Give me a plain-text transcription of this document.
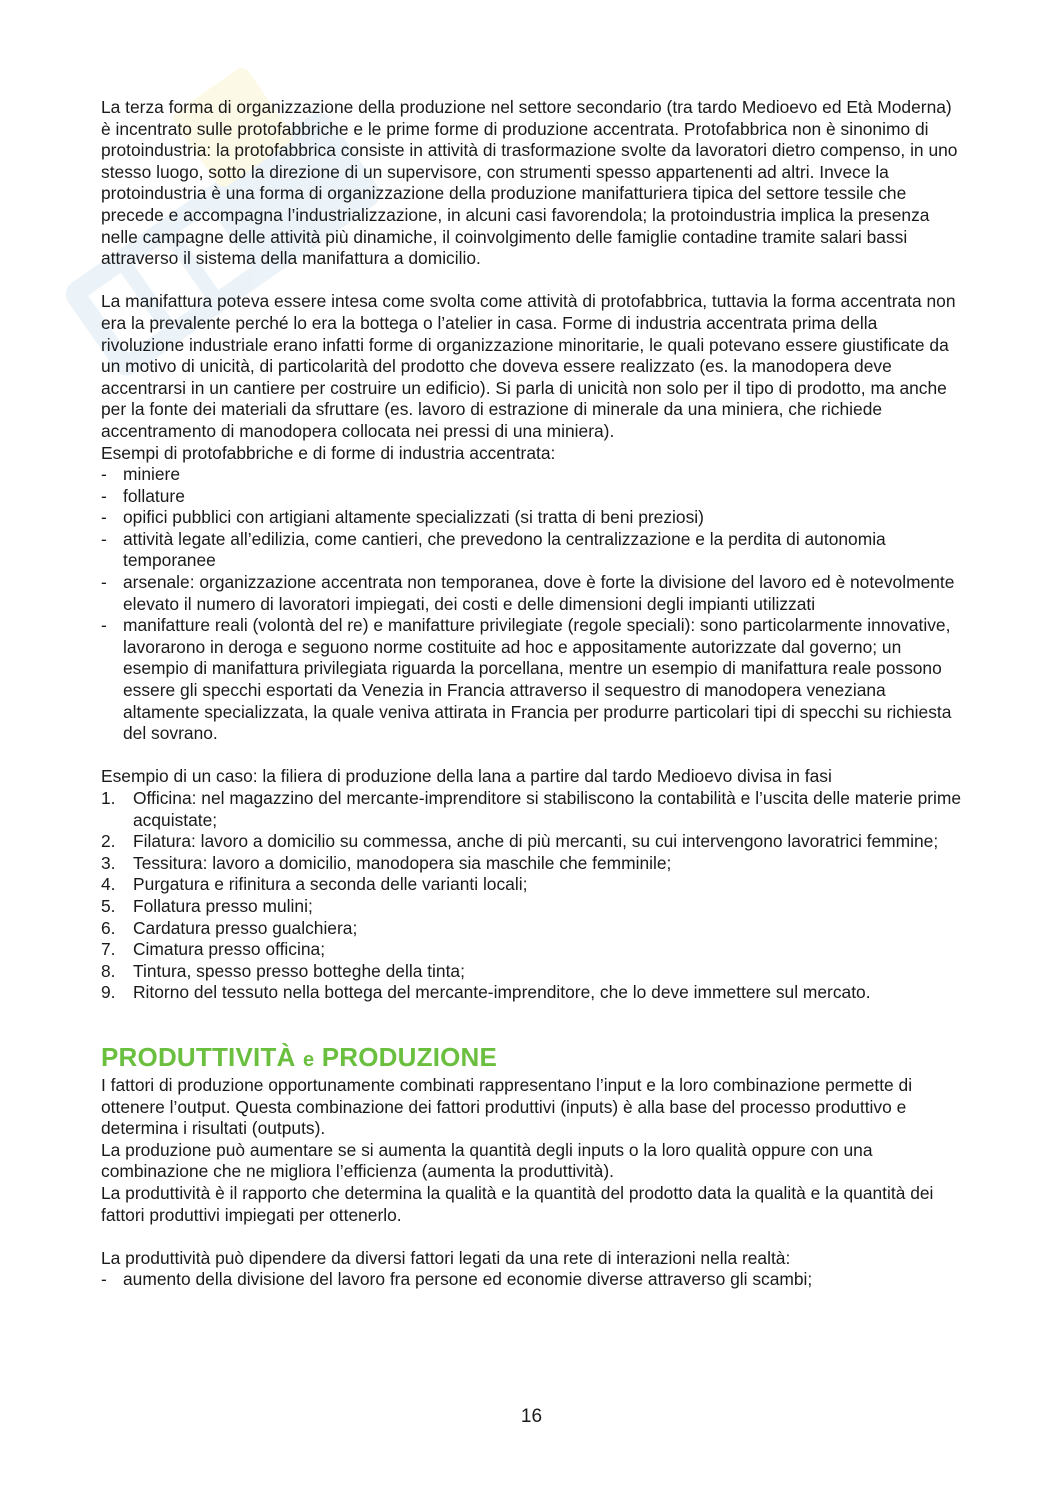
La terza forma di organizzazione della produzione nel settore secondario (tra tardo Medioevo ed Età Moderna) è incentrato sulle protofabbriche e le prime forme di produzione accentrata. Protofabbrica non è sinonimo di protoindustria: la protofabbrica consiste in attività di trasformazione svolte da lavoratori dietro compenso, in uno stesso luogo, sotto la direzione di un supervisore, con strumenti spesso appartenenti ad altri. Invece la protoindustria è una forma di organizzazione della produzione manifatturiera tipica del settore tessile che precede e accompagna l’industrializzazione, in alcuni casi favorendola; la protoindustria implica la presenza nelle campagne delle attività più dinamiche, il coinvolgimento delle famiglie contadine tramite salari bassi attraverso il sistema della manifattura a domicilio.

La manifattura poteva essere intesa come svolta come attività di protofabbrica, tuttavia la forma accentrata non era la prevalente perché lo era la bottega o l’atelier in casa. Forme di industria accentrata prima della rivoluzione industriale erano infatti forme di organizzazione minoritarie, le quali potevano essere giustificate da un motivo di unicità, di particolarità del prodotto che doveva essere realizzato (es. la manodopera deve accentrarsi in un cantiere per costruire un edificio). Si parla di unicità non solo per il tipo di prodotto, ma anche per la fonte dei materiali da sfruttare (es. lavoro di estrazione di minerale da una miniera, che richiede accentramento di manodopera collocata nei pressi di una miniera).

Esempi di protofabbriche e di forme di industria accentrata:

- miniere
- follature
- opifici pubblici con artigiani altamente specializzati (si tratta di beni preziosi)
- attività legate all’edilizia, come cantieri, che prevedono la centralizzazione e la perdita di autonomia temporanee
- arsenale: organizzazione accentrata non temporanea, dove è forte la divisione del lavoro ed è notevolmente elevato il numero di lavoratori impiegati, dei costi e delle dimensioni degli impianti utilizzati
- manifatture reali (volontà del re) e manifatture privilegiate (regole speciali): sono particolarmente innovative, lavorarono in deroga e seguono norme costituite ad hoc e appositamente autorizzate dal governo; un esempio di manifattura privilegiata riguarda la porcellana, mentre un esempio di manifattura reale possono essere gli specchi esportati da Venezia in Francia attraverso il sequestro di manodopera veneziana altamente specializzata, la quale veniva attirata in Francia per produrre particolari tipi di specchi su richiesta del sovrano.

Esempio di un caso: la filiera di produzione della lana a partire dal tardo Medioevo divisa in fasi

1. Officina: nel magazzino del mercante-imprenditore si stabiliscono la contabilità e l’uscita delle materie prime acquistate;
2. Filatura: lavoro a domicilio su commessa, anche di più mercanti, su cui intervengono lavoratrici femmine;
3. Tessitura: lavoro a domicilio, manodopera sia maschile che femminile;
4. Purgatura e rifinitura a seconda delle varianti locali;
5. Follatura presso mulini;
6. Cardatura presso gualchiera;
7. Cimatura presso officina;
8. Tintura, spesso presso botteghe della tinta;
9. Ritorno del tessuto nella bottega del mercante-imprenditore, che lo deve immettere sul mercato.
PRODUTTIVITÀ e PRODUZIONE

I fattori di produzione opportunamente combinati rappresentano l’input e la loro combinazione permette di ottenere l’output. Questa combinazione dei fattori produttivi (inputs) è alla base del processo produttivo e determina i risultati (outputs).

La produzione può aumentare se si aumenta la quantità degli inputs o la loro qualità oppure con una combinazione che ne migliora l’efficienza (aumenta la produttività).

La produttività è il rapporto che determina la qualità e la quantità del prodotto data la qualità e la quantità dei fattori produttivi impiegati per ottenerlo.

La produttività può dipendere da diversi fattori legati da una rete di interazioni nella realtà:

- aumento della divisione del lavoro fra persone ed economie diverse attraverso gli scambi;
16
